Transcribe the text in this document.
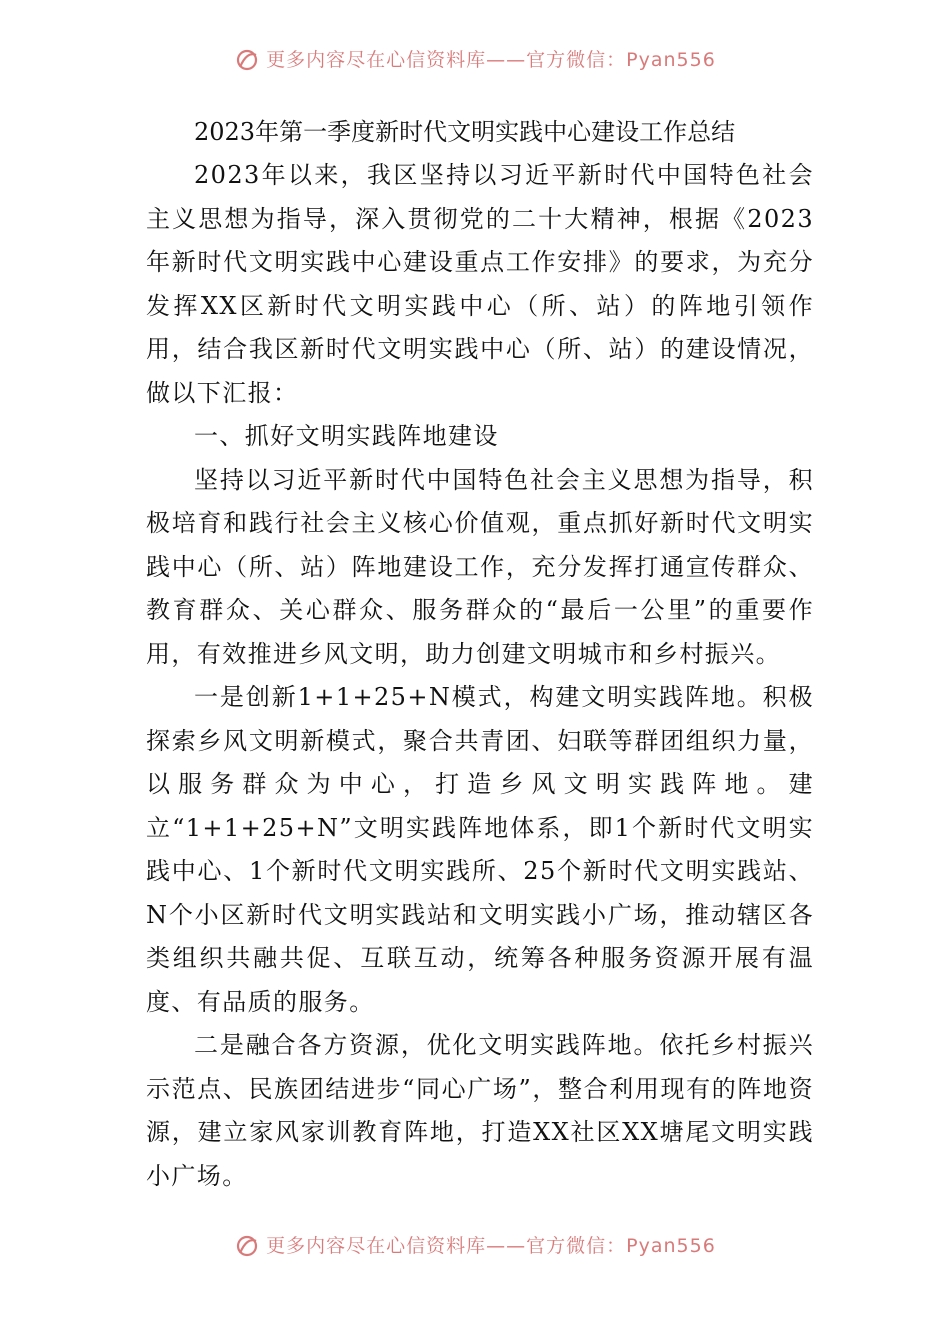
更多内容尽在心信资料库——官方微信：Pyan556

2023年第一季度新时代文明实践中心建设工作总结

2023年以来，我区坚持以习近平新时代中国特色社会主义思想为指导，深入贯彻党的二十大精神，根据《2023年新时代文明实践中心建设重点工作安排》的要求，为充分发挥XX区新时代文明实践中心（所、站）的阵地引领作用，结合我区新时代文明实践中心（所、站）的建设情况，做以下汇报：

一、抓好文明实践阵地建设

坚持以习近平新时代中国特色社会主义思想为指导，积极培育和践行社会主义核心价值观，重点抓好新时代文明实践中心（所、站）阵地建设工作，充分发挥打通宣传群众、教育群众、关心群众、服务群众的“最后一公里”的重要作用，有效推进乡风文明，助力创建文明城市和乡村振兴。

一是创新1+1+25+N模式，构建文明实践阵地。积极探索乡风文明新模式，聚合共青团、妇联等群团组织力量，以服务群众为中心，打造乡风文明实践阵地。建立“1+1+25+N”文明实践阵地体系，即1个新时代文明实践中心、1个新时代文明实践所、25个新时代文明实践站、N个小区新时代文明实践站和文明实践小广场，推动辖区各类组织共融共促、互联互动，统筹各种服务资源开展有温度、有品质的服务。

二是融合各方资源，优化文明实践阵地。依托乡村振兴示范点、民族团结进步“同心广场”，整合利用现有的阵地资源，建立家风家训教育阵地，打造XX社区XX塘尾文明实践小广场。

更多内容尽在心信资料库——官方微信：Pyan556
